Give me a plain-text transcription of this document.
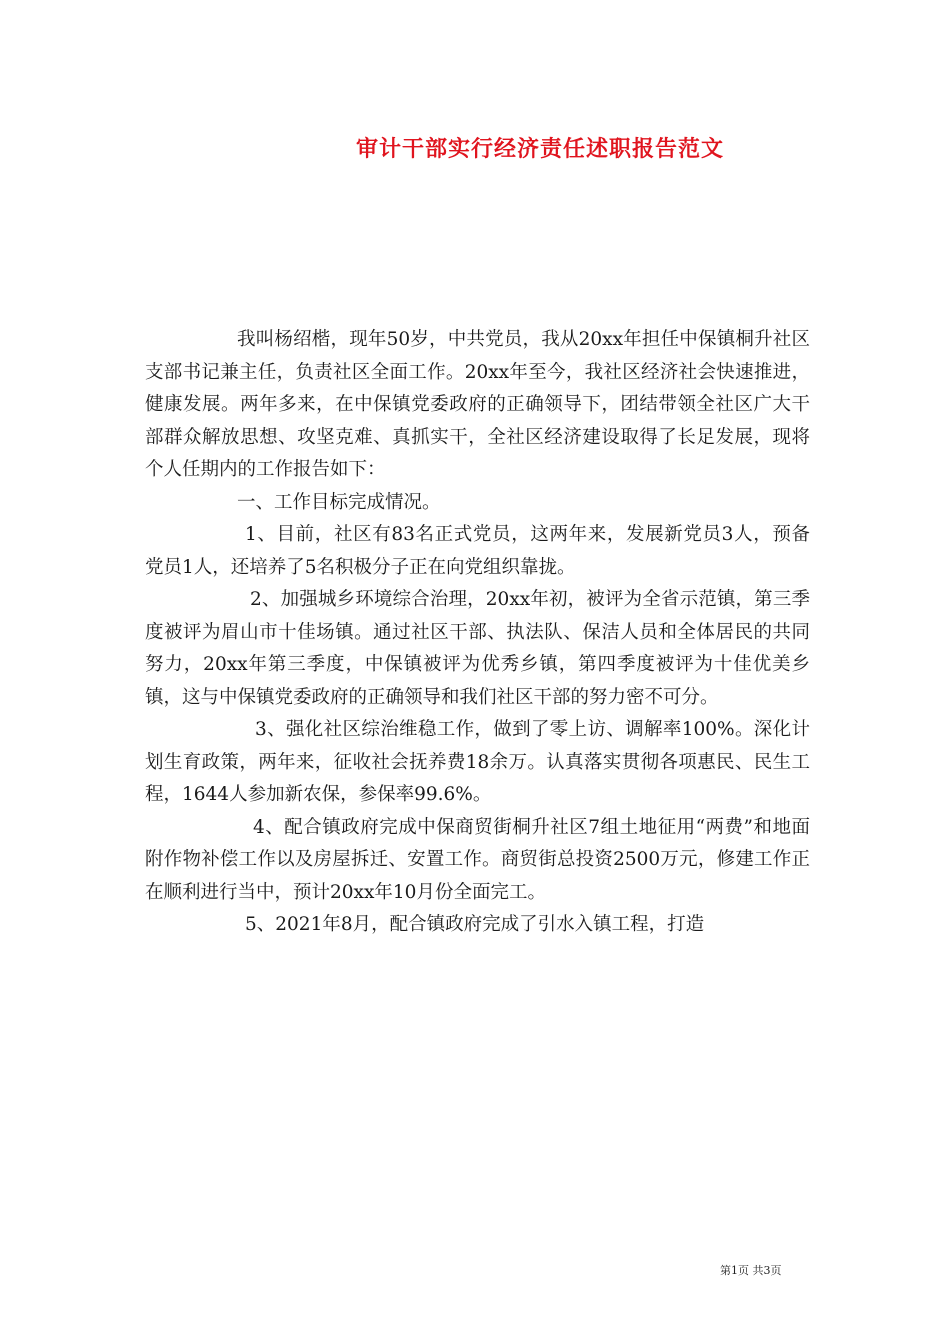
审计干部实行经济责任述职报告范文

我叫杨绍楷，现年50岁，中共党员，我从20xx年担任中保镇桐升社区支部书记兼主任，负责社区全面工作。20xx年至今，我社区经济社会快速推进，健康发展。两年多来，在中保镇党委政府的正确领导下，团结带领全社区广大干部群众解放思想、攻坚克难、真抓实干，全社区经济建设取得了长足发展，现将个人任期内的工作报告如下：

一、工作目标完成情况。

1、目前，社区有83名正式党员，这两年来，发展新党员3人，预备党员1人，还培养了5名积极分子正在向党组织靠拢。

2、加强城乡环境综合治理，20xx年初，被评为全省示范镇，第三季度被评为眉山市十佳场镇。通过社区干部、执法队、保洁人员和全体居民的共同努力，20xx年第三季度，中保镇被评为优秀乡镇，第四季度被评为十佳优美乡镇，这与中保镇党委政府的正确领导和我们社区干部的努力密不可分。

3、强化社区综治维稳工作，做到了零上访、调解率100%。深化计划生育政策，两年来，征收社会抚养费18余万。认真落实贯彻各项惠民、民生工程，1644人参加新农保，参保率99.6%。

4、配合镇政府完成中保商贸街桐升社区7组土地征用“两费”和地面附作物补偿工作以及房屋拆迁、安置工作。商贸街总投资2500万元，修建工作正在顺利进行当中，预计20xx年10月份全面完工。

5、2021年8月，配合镇政府完成了引水入镇工程，打造

第1页 共3页
